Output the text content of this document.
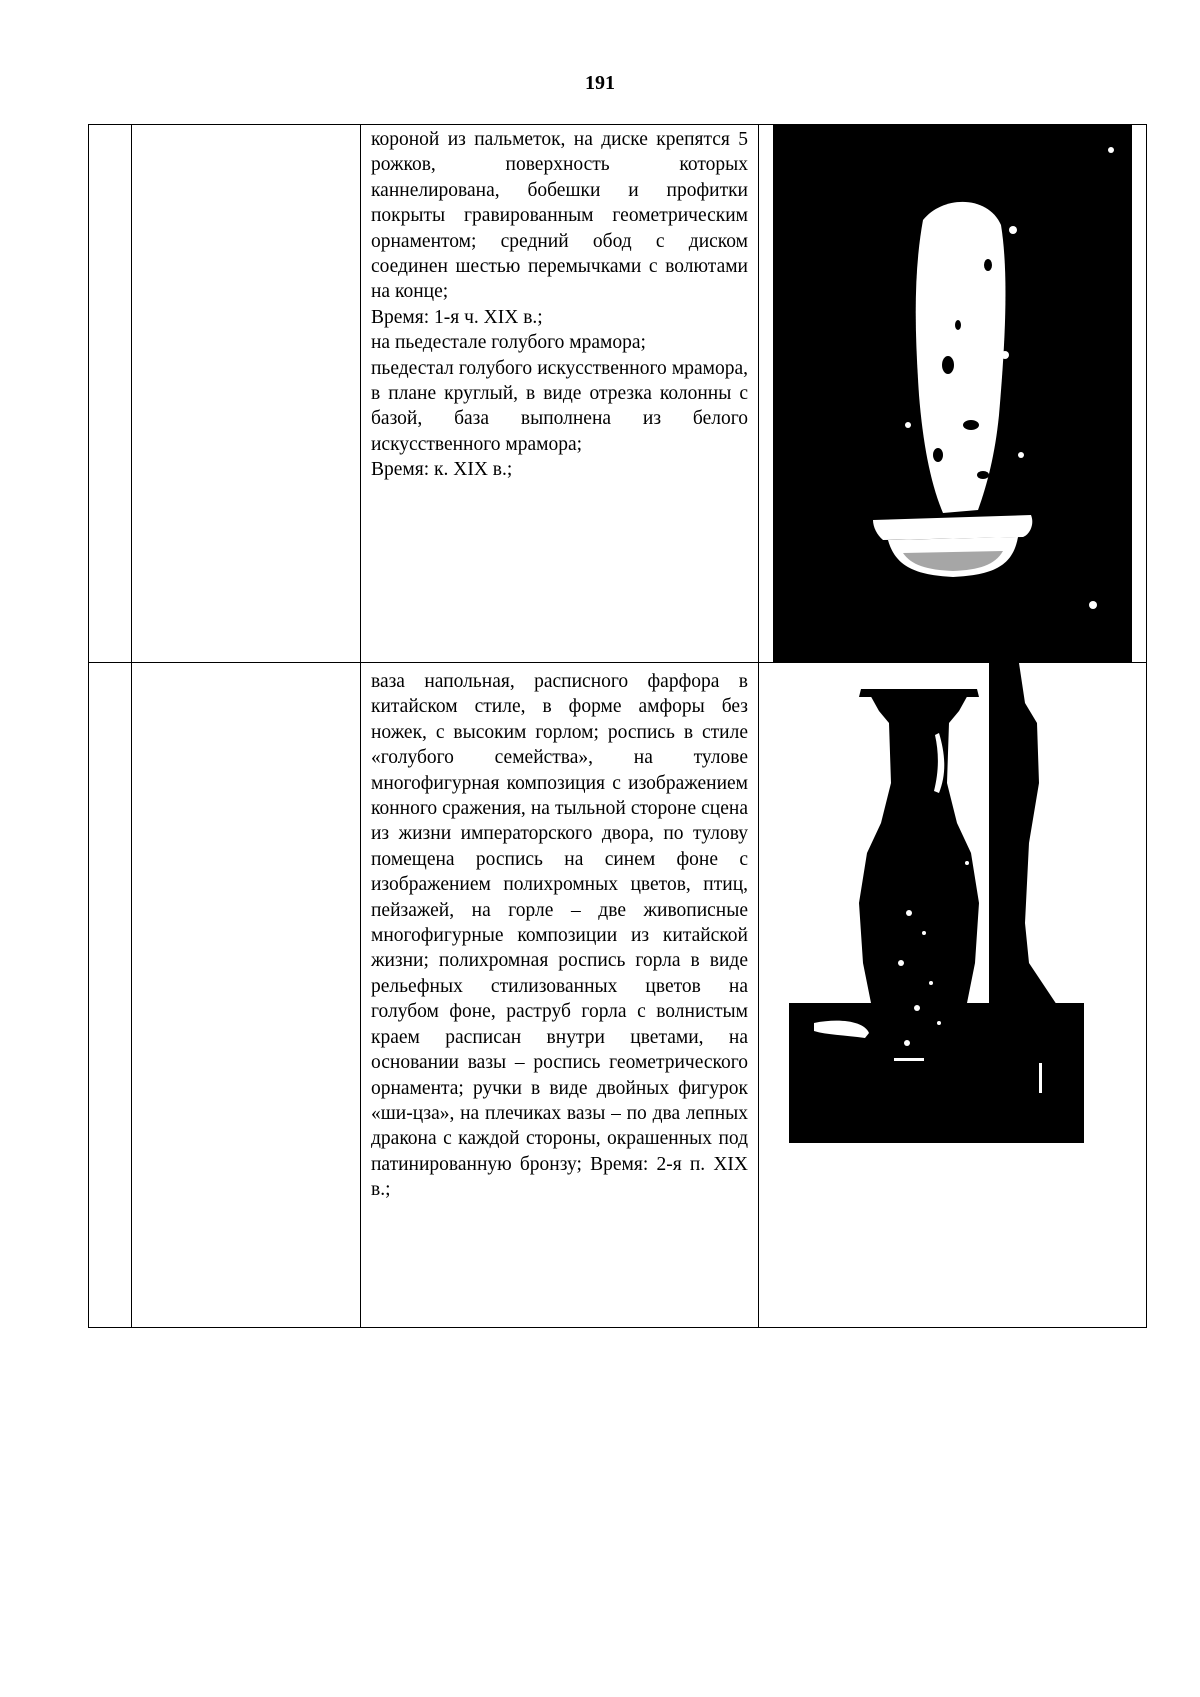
191

		короной из пальметок, на диске крепятся 5 рожков, поверхность которых каннелирована, бобешки и профитки покрыты гравированным геометрическим орнаментом; средний обод с диском соединен шестью перемычками с волютами на конце;

Время: 1-я ч. XIX в.;

на пьедестале голубого мрамора;

пьедестал голубого искусственного мрамора, в плане круглый, в виде отрезка колонны с базой, база выполнена из белого искусственного мрамора;

Время: к. XIX в.;

		ваза напольная, расписного фарфора в китайском стиле, в форме амфоры без ножек, с высоким горлом; роспись в стиле «голубого семейства», на тулове многофигурная композиция с изображением конного сражения, на тыльной стороне сцена из жизни императорского двора, по тулову помещена роспись на синем фоне с изображением полихромных цветов, птиц, пейзажей, на горле – две живописные многофигурные композиции из китайской жизни; полихромная роспись горла в виде рельефных стилизованных цветов на голубом фоне, раструб горла с волнистым краем расписан внутри цветами, на основании вазы – роспись геометрического орнамента; ручки в виде двойных фигурок «ши-цза», на плечиках вазы – по два лепных дракона с каждой стороны, окрашенных под патинированную бронзу; Время: 2-я п. XIX в.;
